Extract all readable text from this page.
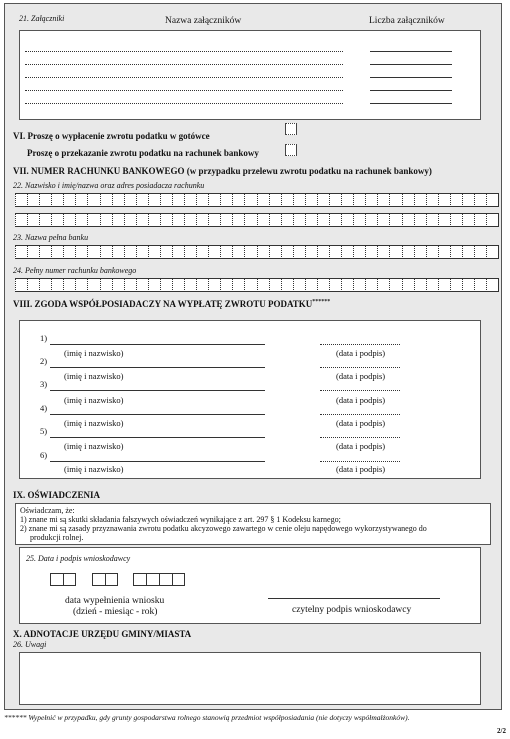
21. Załączniki	Nazwa załączników	Liczba załączników
VI. Proszę o wypłacenie zwrotu podatku w gotówce
Proszę o przekazanie zwrotu podatku na rachunek bankowy
VII. NUMER RACHUNKU BANKOWEGO (w przypadku przelewu zwrotu podatku na rachunek bankowy)
22. Nazwisko i imię/nazwa oraz adres posiadacza rachunku
23. Nazwa pełna banku
24. Pełny numer rachunku bankowego
VIII. ZGODA WSPÓŁPOSIADACZY NA WYPŁATĘ ZWROTU PODATKU******
1)
(imię i nazwisko)	(data i podpis)
2)
(imię i nazwisko)	(data i podpis)
3)
(imię i nazwisko)	(data i podpis)
4)
(imię i nazwisko)	(data i podpis)
5)
(imię i nazwisko)	(data i podpis)
6)
(imię i nazwisko)	(data i podpis)
IX. OŚWIADCZENIA
Oświadczam, że:
1) znane mi są skutki składania fałszywych oświadczeń wynikające z art. 297 § 1 Kodeksu karnego;
2) znane mi są zasady przyznawania zwrotu podatku akcyzowego zawartego w cenie oleju napędowego wykorzystywanego do
produkcji rolnej.
25. Data i podpis wnioskodawcy
data wypełnienia wniosku
(dzień - miesiąc - rok)	czytelny podpis wnioskodawcy
X. ADNOTACJE URZĘDU GMINY/MIASTA
26. Uwagi
****** Wypełnić w przypadku, gdy grunty gospodarstwa rolnego stanowią przedmiot współposiadania (nie dotyczy współmałżonków).
2/2
